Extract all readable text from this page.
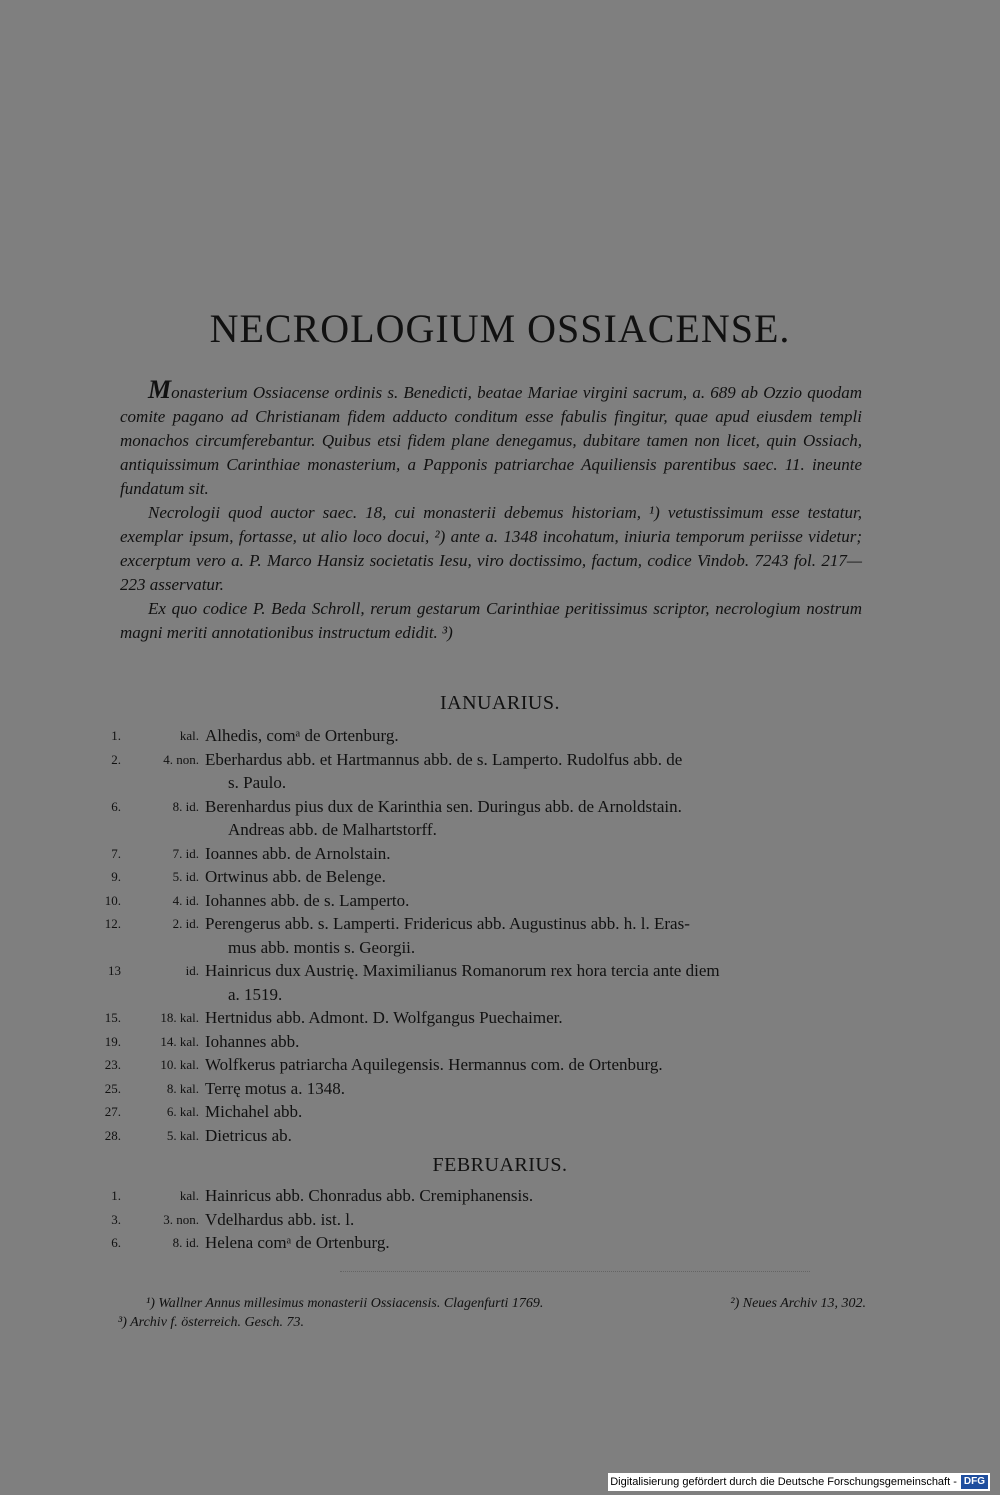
NECROLOGIUM OSSIACENSE.

Monasterium Ossiacense ordinis s. Benedicti, beatae Mariae virgini sacrum, a. 689 ab Ozzio quodam comite pagano ad Christianam fidem adducto conditum esse fabulis fingitur, quae apud eiusdem templi monachos circumferebantur. Quibus etsi fidem plane denegamus, dubitare tamen non licet, quin Ossiach, antiquissimum Carinthiae monasterium, a Papponis patriarchae Aquiliensis parentibus saec. 11. ineunte fundatum sit.

Necrologii quod auctor saec. 18, cui monasterii debemus historiam, ¹) vetustissimum esse testatur, exemplar ipsum, fortasse, ut alio loco docui, ²) ante a. 1348 incohatum, iniuria temporum periisse videtur; excerptum vero a. P. Marco Hansiz societatis Iesu, viro doctissimo, factum, codice Vindob. 7243 fol. 217—223 asservatur.

Ex quo codice P. Beda Schroll, rerum gestarum Carinthiae peritissimus scriptor, necrologium nostrum magni meriti annotationibus instructum edidit. ³)

IANUARIUS.
1.	kal. Alhedis, comᵃ de Ortenburg.
2.	4. non. Eberhardus abb. et Hartmannus abb. de s. Lamperto. Rudolfus abb. de
s. Paulo.
6.	8. id. Berenhardus pius dux de Karinthia sen. Duringus abb. de Arnoldstain.
Andreas abb. de Malhartstorff.
7.	7. id. Ioannes abb. de Arnolstain.
9.	5. id. Ortwinus abb. de Belenge.
10.	4. id. Iohannes abb. de s. Lamperto.
12.	2. id. Perengerus abb. s. Lamperti. Fridericus abb. Augustinus abb. h. l. Eras-
mus abb. montis s. Georgii.
13	id. Hainricus dux Austrię. Maximilianus Romanorum rex hora tercia ante diem
a. 1519.
15.	18. kal. Hertnidus abb. Admont. D. Wolfgangus Puechaimer.
19.	14. kal. Iohannes abb.
23.	10. kal. Wolfkerus patriarcha Aquilegensis. Hermannus com. de Ortenburg.
25.	8. kal. Terrę motus a. 1348.
27.	6. kal. Michahel abb.
28.	5. kal. Dietricus ab.
FEBRUARIUS.
1.	kal. Hainricus abb. Chonradus abb. Cremiphanensis.
3.	3. non. Vdelhardus abb. ist. l.
6.	8. id. Helena comᵃ de Ortenburg.
¹) Wallner Annus millesimus monasterii Ossiacensis. Clagenfurti 1769.	²) Neues Archiv 13, 302.
³) Archiv f. österreich. Gesch. 73.
Digitalisierung gefördert durch die Deutsche Forschungsgemeinschaft - DFG
